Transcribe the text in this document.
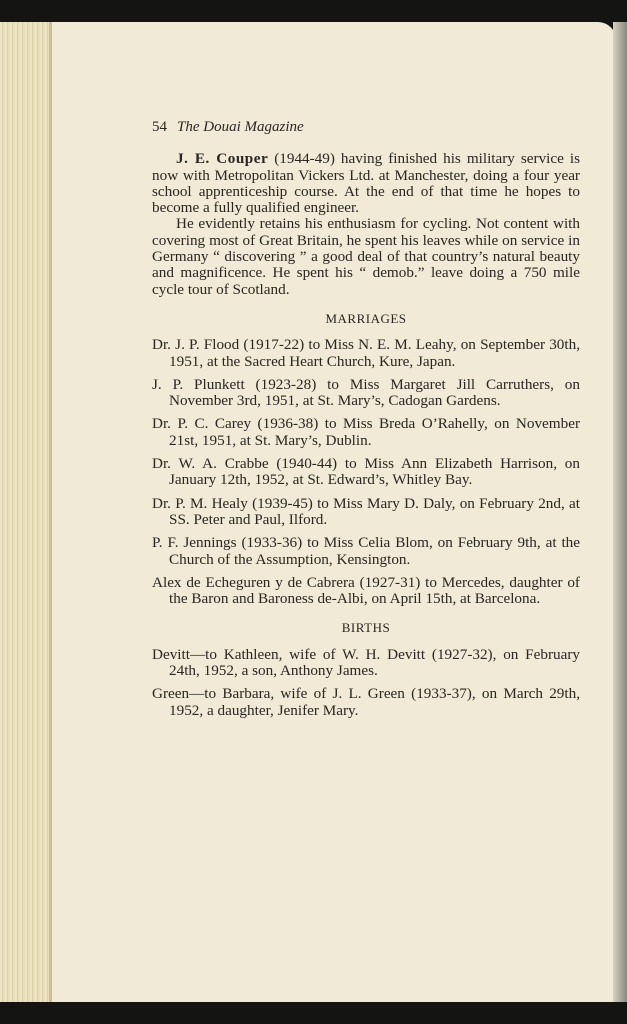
54 The Douai Magazine

J. E. Couper (1944-49) having finished his military service is now with Metropolitan Vickers Ltd. at Manchester, doing a four year school apprenticeship course. At the end of that time he hopes to become a fully qualified engineer.

He evidently retains his enthusiasm for cycling. Not content with covering most of Great Britain, he spent his leaves while on service in Germany “ discovering ” a good deal of that country’s natural beauty and magnificence. He spent his “ demob.” leave doing a 750 mile cycle tour of Scotland.

MARRIAGES

Dr. J. P. Flood (1917-22) to Miss N. E. M. Leahy, on September 30th, 1951, at the Sacred Heart Church, Kure, Japan.

J. P. Plunkett (1923-28) to Miss Margaret Jill Carruthers, on November 3rd, 1951, at St. Mary’s, Cadogan Gardens.

Dr. P. C. Carey (1936-38) to Miss Breda O’Rahelly, on November 21st, 1951, at St. Mary’s, Dublin.

Dr. W. A. Crabbe (1940-44) to Miss Ann Elizabeth Harrison, on January 12th, 1952, at St. Edward’s, Whitley Bay.

Dr. P. M. Healy (1939-45) to Miss Mary D. Daly, on February 2nd, at SS. Peter and Paul, Ilford.

P. F. Jennings (1933-36) to Miss Celia Blom, on February 9th, at the Church of the Assumption, Kensington.

Alex de Echeguren y de Cabrera (1927-31) to Mercedes, daughter of the Baron and Baroness de-Albi, on April 15th, at Barcelona.

BIRTHS

Devitt—to Kathleen, wife of W. H. Devitt (1927-32), on February 24th, 1952, a son, Anthony James.

Green—to Barbara, wife of J. L. Green (1933-37), on March 29th, 1952, a daughter, Jenifer Mary.
